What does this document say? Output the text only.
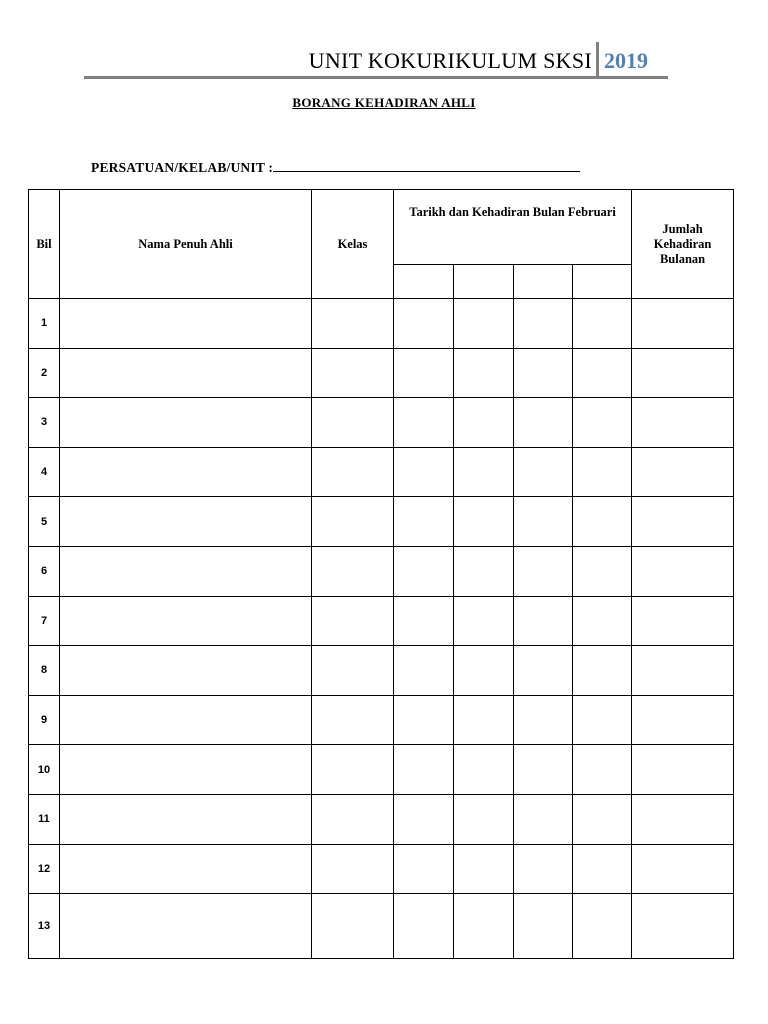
UNIT KOKURIKULUM SKSI 2019
BORANG KEHADIRAN AHLI
PERSATUAN/KELAB/UNIT :
Bil	Nama Penuh Ahli	Kelas	Tarikh dan Kehadiran Bulan Februari				Jumlah
Kehadiran
Bulanan

1							
2							
3							
4							
5							
6							
7							
8							
9							
10							
11							
12							
13							
